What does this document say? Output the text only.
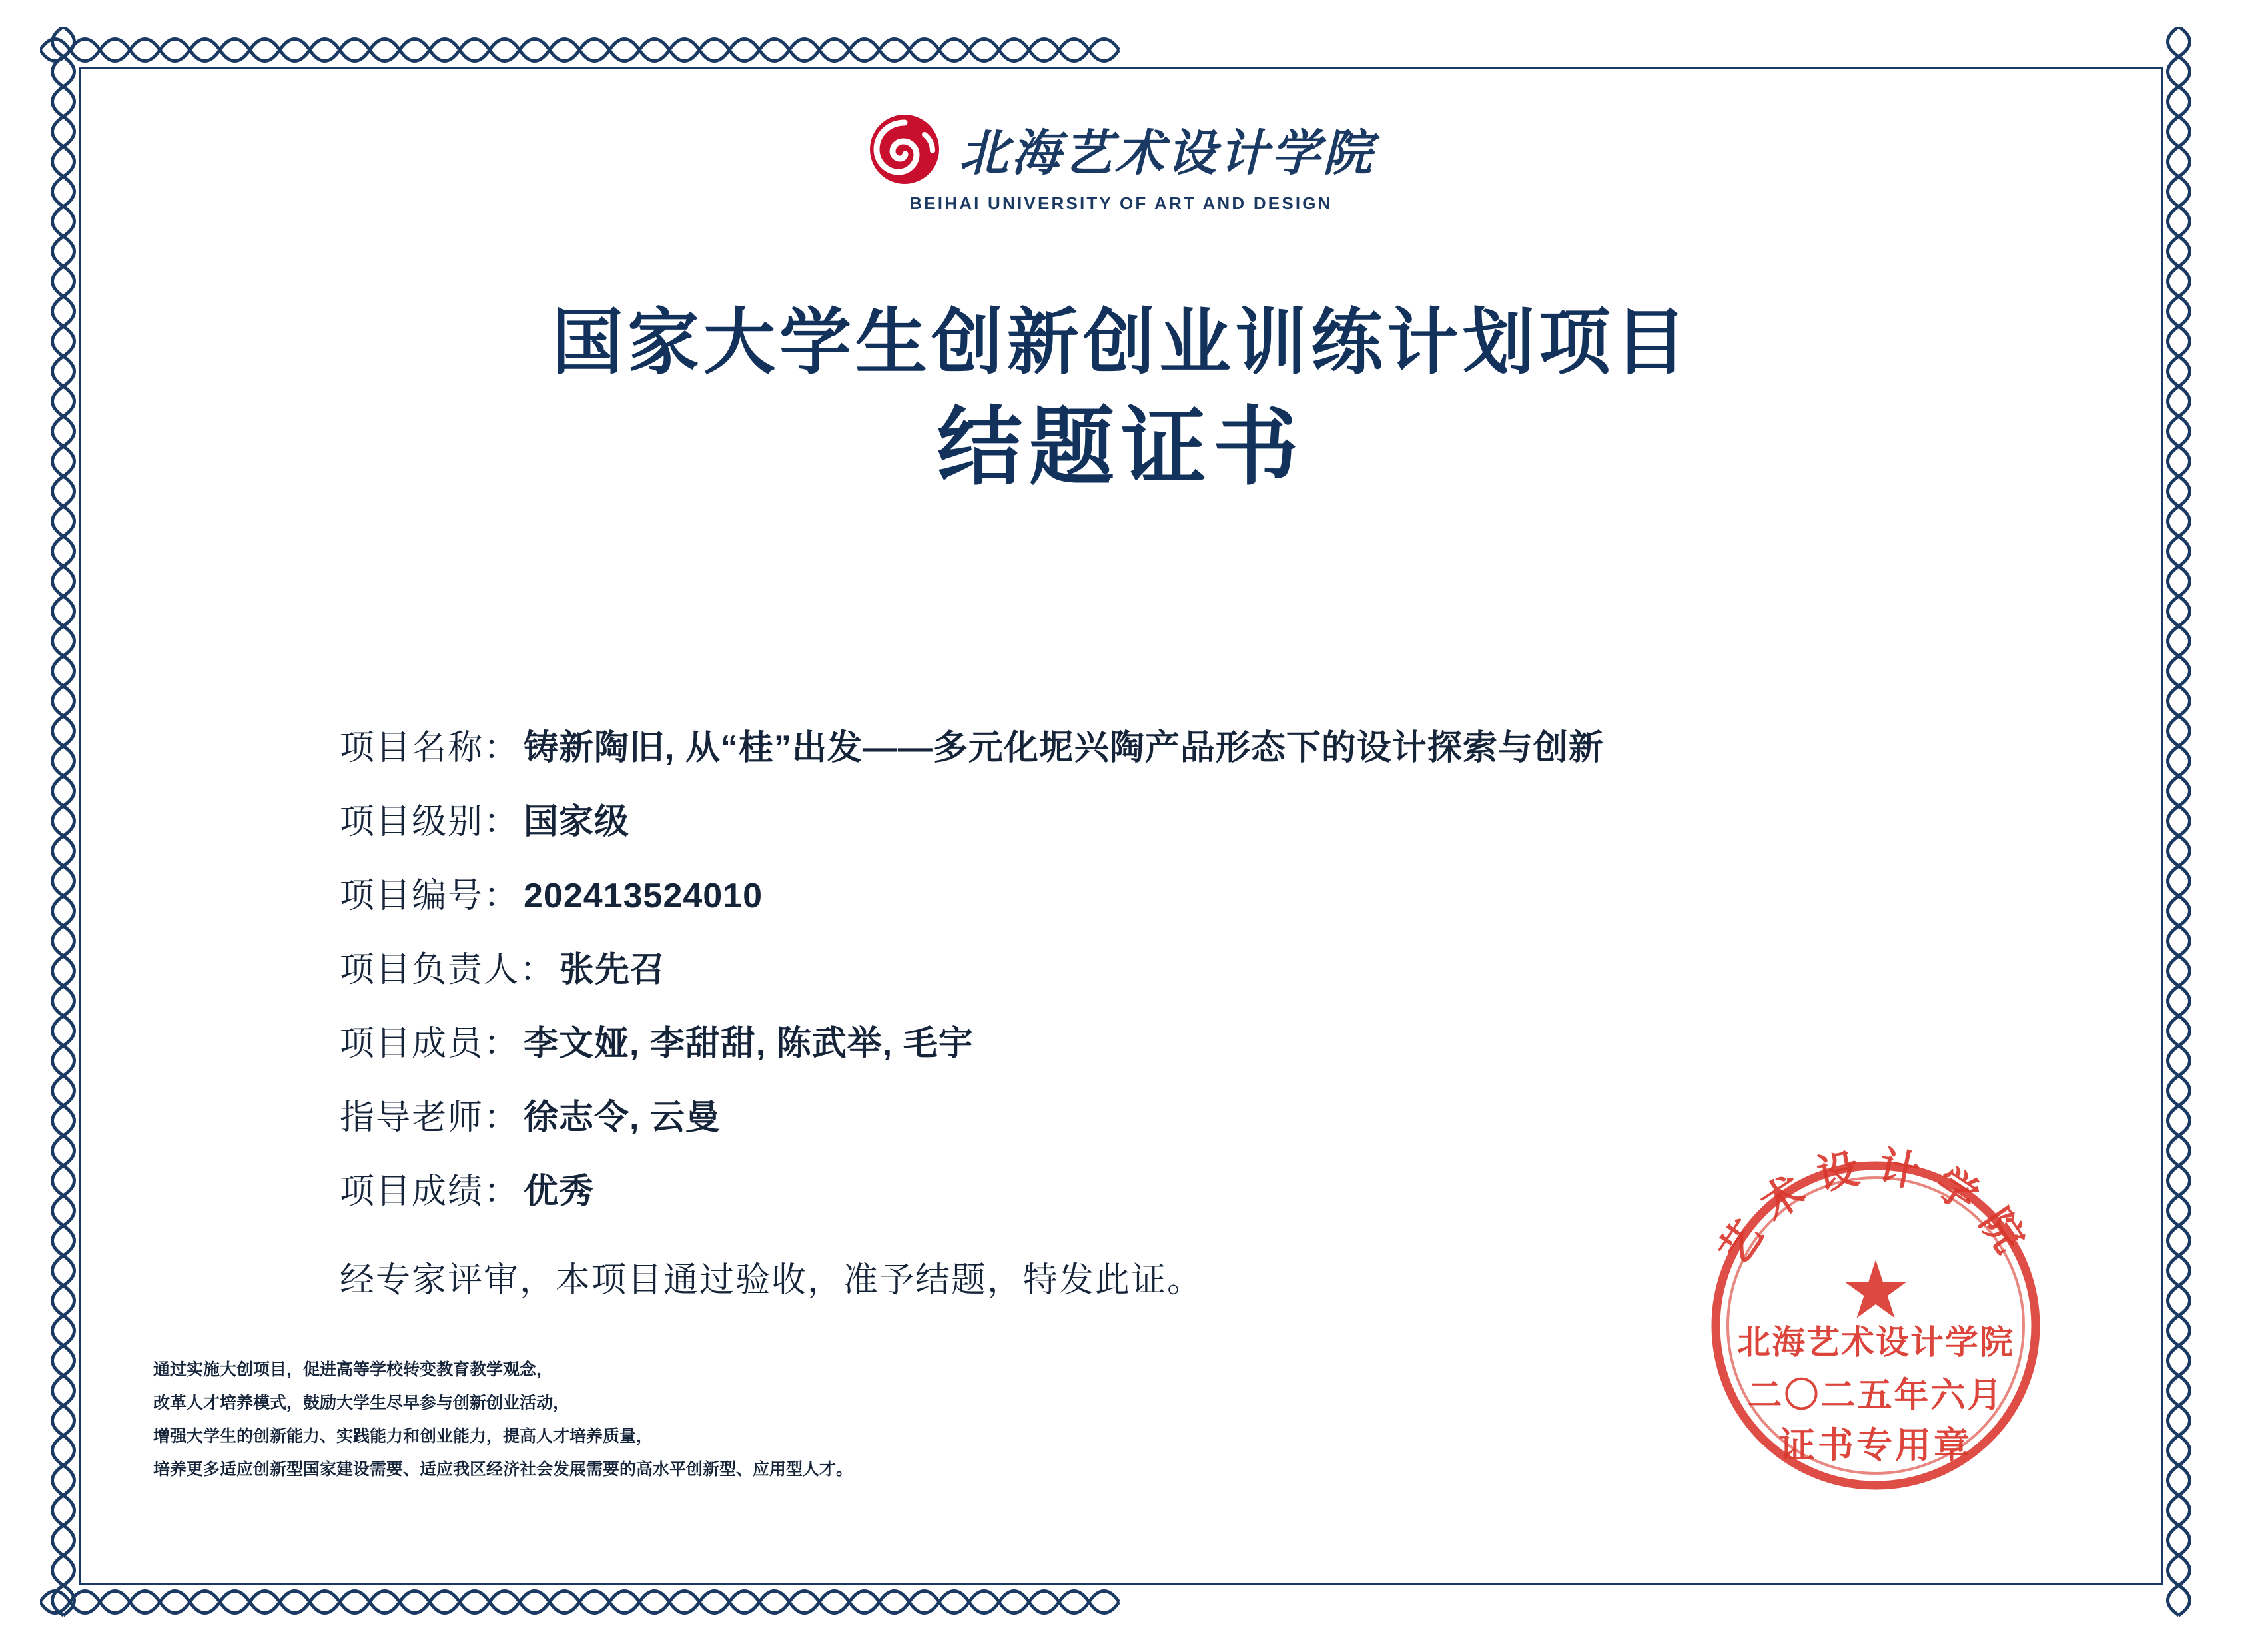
北海艺术设计学院
BEIHAI UNIVERSITY OF ART AND DESIGN
国家大学生创新创业训练计划项目
结题证书
项目名称： 铸新陶旧, 从“桂”出发——多元化坭兴陶产品形态下的设计探索与创新
项目级别： 国家级
项目编号： 202413524010
项目负责人： 张先召
项目成员： 李文娅, 李甜甜, 陈武举, 毛宇
指导老师： 徐志令, 云曼
项目成绩： 优秀
经专家评审，本项目通过验收，准予结题，特发此证。
通过实施大创项目，促进高等学校转变教育教学观念，
改革人才培养模式，鼓励大学生尽早参与创新创业活动，
增强大学生的创新能力、实践能力和创业能力，提高人才培养质量，
培养更多适应创新型国家建设需要、适应我区经济社会发展需要的高水平创新型、应用型人才。
艺术设计学院
★
北海艺术设计学院
二〇二五年六月
证书专用章
